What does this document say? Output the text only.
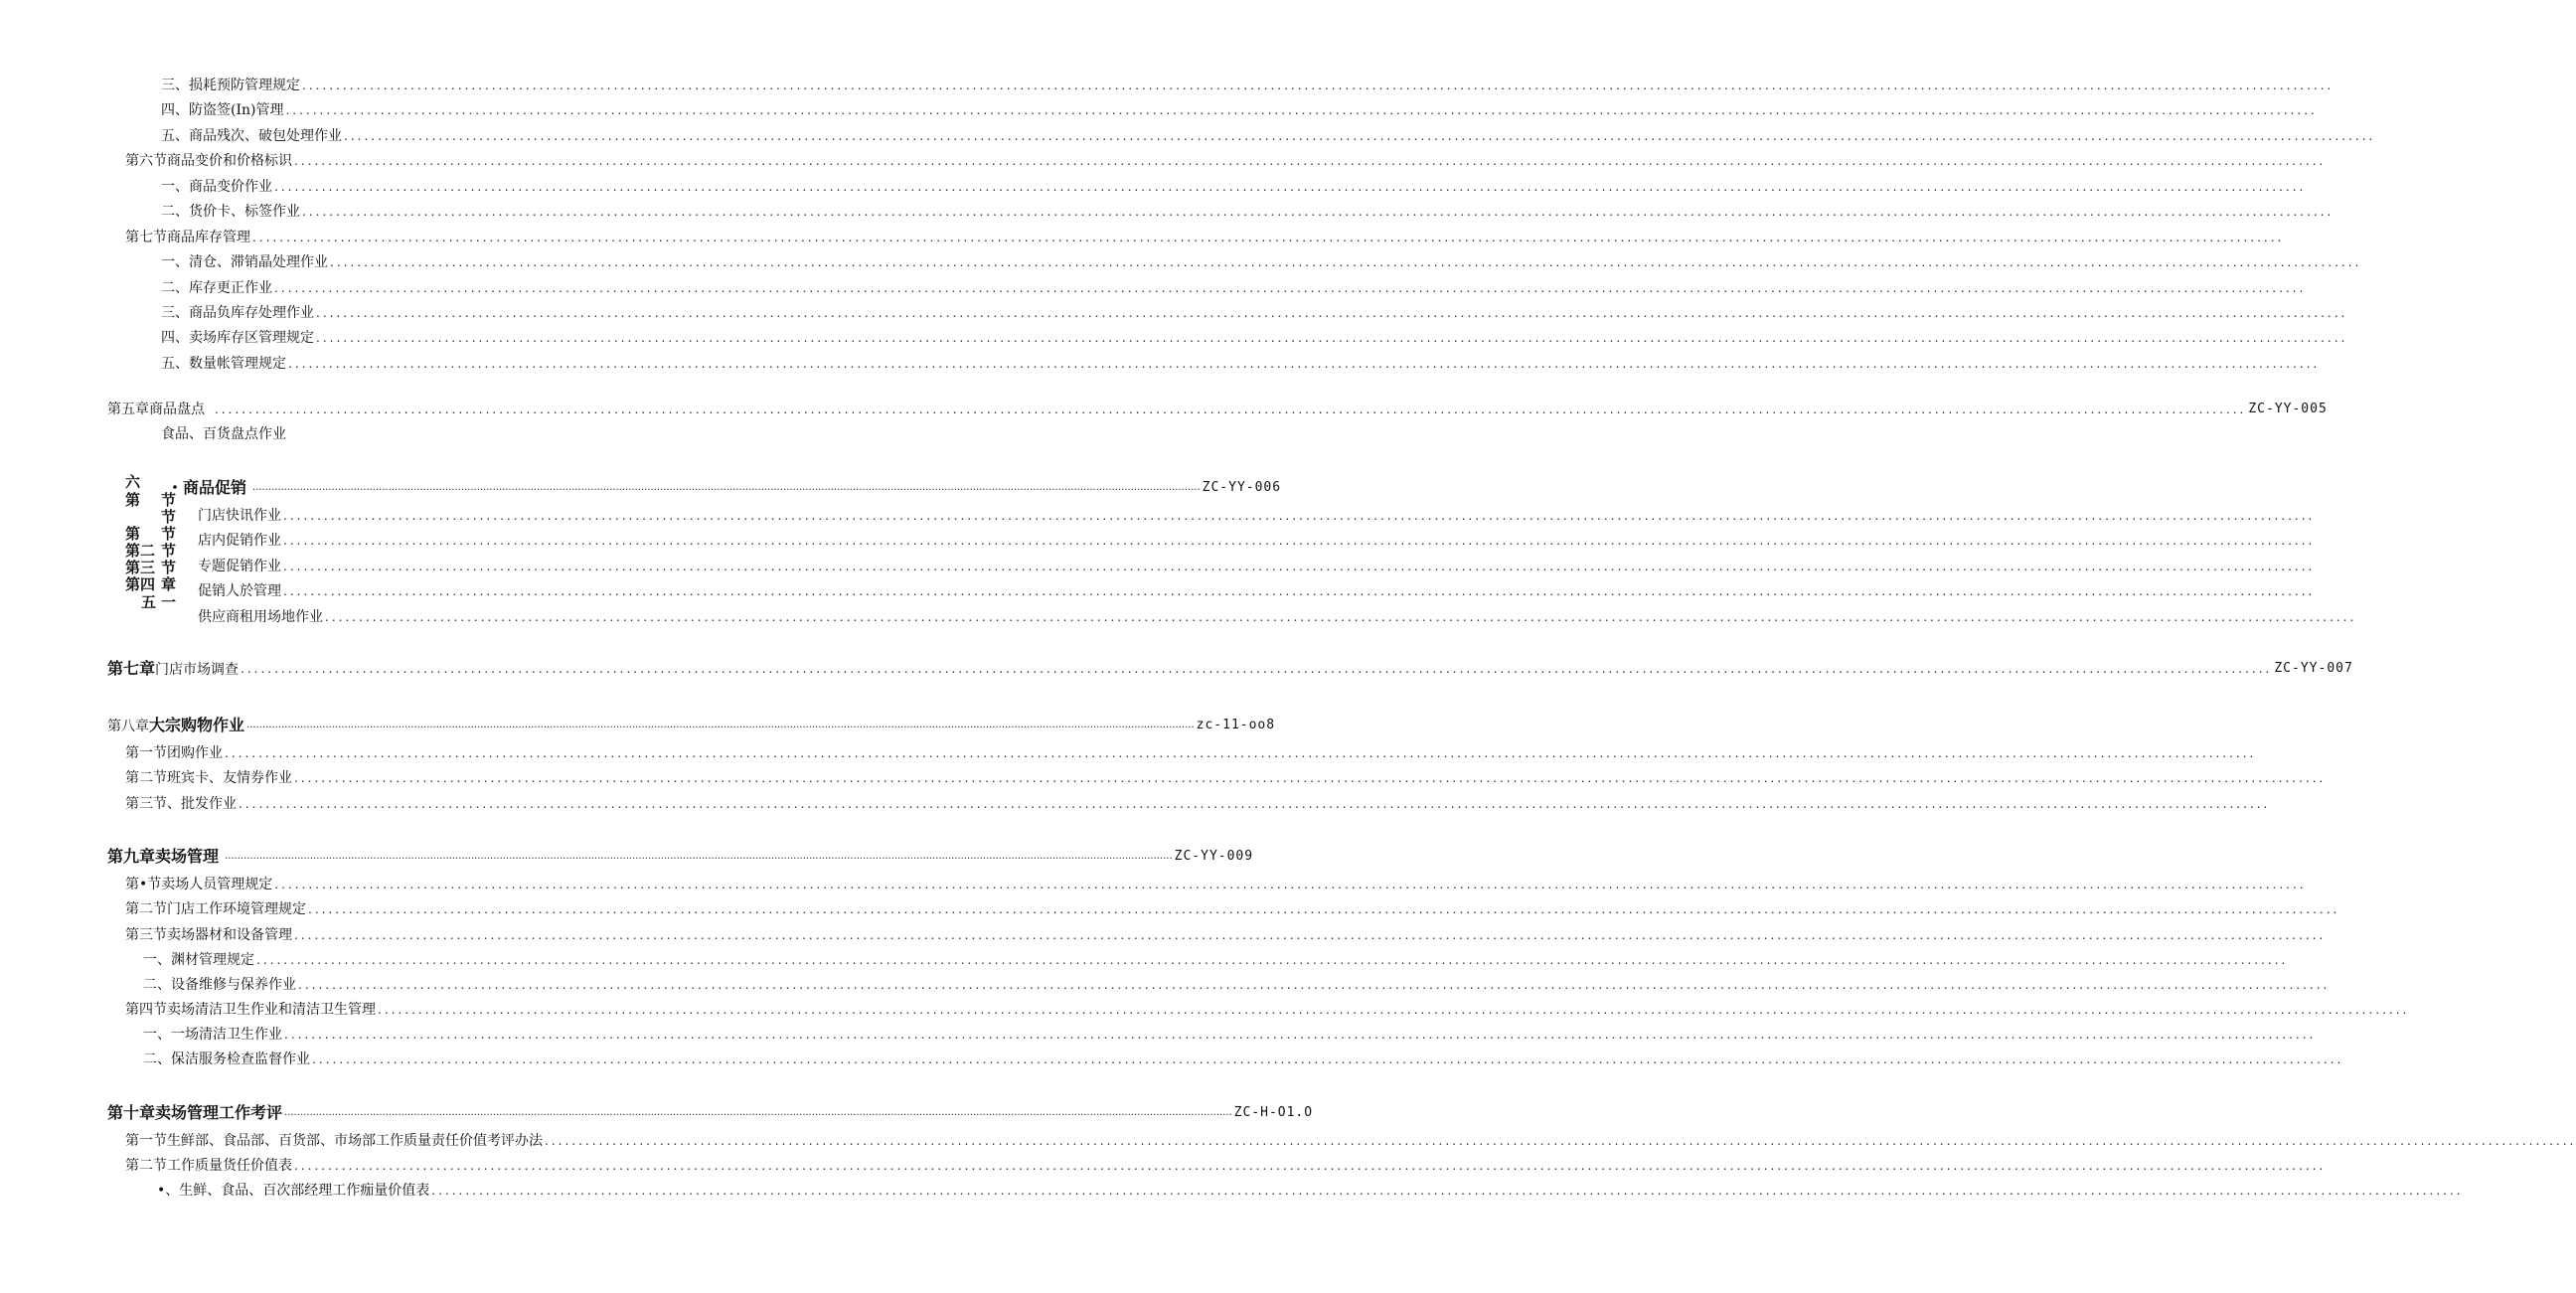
三、损耗预防管理规定 ............................................................................................................................................................................................................................................................................................................
四、防盗签(In)管理 ............................................................................................................................................................................................................................................................................................................
五、商品残次、破包处理作业 ............................................................................................................................................................................................................................................................................................................
第六节商品变价和价格标识 ............................................................................................................................................................................................................................................................................................................
一、商品变价作业 ............................................................................................................................................................................................................................................................................................................
二、货价卡、标签作业 ............................................................................................................................................................................................................................................................................................................
第七节商品库存管理 ............................................................................................................................................................................................................................................................................................................
一、清仓、滞销晶处理作业 ............................................................................................................................................................................................................................................................................................................
二、库存更正作业 ............................................................................................................................................................................................................................................................................................................
三、商品负库存处理作业 ............................................................................................................................................................................................................................................................................................................
四、卖场库存区管理规定 ............................................................................................................................................................................................................................................................................................................
五、数量帐管理规定 ............................................................................................................................................................................................................................................................................................................
第五章商品盘点 ............................................................................................................................................................................................................................................................................................................ ZC-YY-005
食品、百货盘点作业
六
第
第
第二
第三
第四
五
节
节
节
节
节
章
一
・商品促销 ............................................................................................................................................................................................................................................................................................................ ZC-YY-006
门店快讯作业 ............................................................................................................................................................................................................................................................................................................
店内促销作业 ............................................................................................................................................................................................................................................................................................................
专题促销作业 ............................................................................................................................................................................................................................................................................................................
促销人於管理 ............................................................................................................................................................................................................................................................................................................
供应商租用场地作业 ............................................................................................................................................................................................................................................................................................................
第七章门店市场调查 ............................................................................................................................................................................................................................................................................................................ ZC-YY-007
第八章大宗购物作业 ............................................................................................................................................................................................................................................................................................................ zc-11-oo8
第一节团购作业 ............................................................................................................................................................................................................................................................................................................
第二节班宾卡、友情券作业 ............................................................................................................................................................................................................................................................................................................
第三节、批发作业 ............................................................................................................................................................................................................................................................................................................
第九章卖场管理 ............................................................................................................................................................................................................................................................................................................ ZC-YY-009
第•节卖场人员管理规定 ............................................................................................................................................................................................................................................................................................................
第二节门店工作环境管理规定 ............................................................................................................................................................................................................................................................................................................
第三节卖场器材和设备管理 ............................................................................................................................................................................................................................................................................................................
一、渊材管理规定 ............................................................................................................................................................................................................................................................................................................
二、设备维修与保养作业 ............................................................................................................................................................................................................................................................................................................
第四节卖场清洁卫生作业和清洁卫生管理 ............................................................................................................................................................................................................................................................................................................
一、一场清洁卫生作业 ............................................................................................................................................................................................................................................................................................................
二、保洁服务检查监督作业 ............................................................................................................................................................................................................................................................................................................
第十章卖场管理工作考评 ............................................................................................................................................................................................................................................................................................................ ZC-H-O1.O
第一节生鲜部、食品部、百货部、市场部工作质量责任价值考评办法 ............................................................................................................................................................................................................................................................................................................
第二节工作质量货任价值表 ............................................................................................................................................................................................................................................................................................................
•、生鲜、食品、百次部经理工作痂量价值表 ............................................................................................................................................................................................................................................................................................................
